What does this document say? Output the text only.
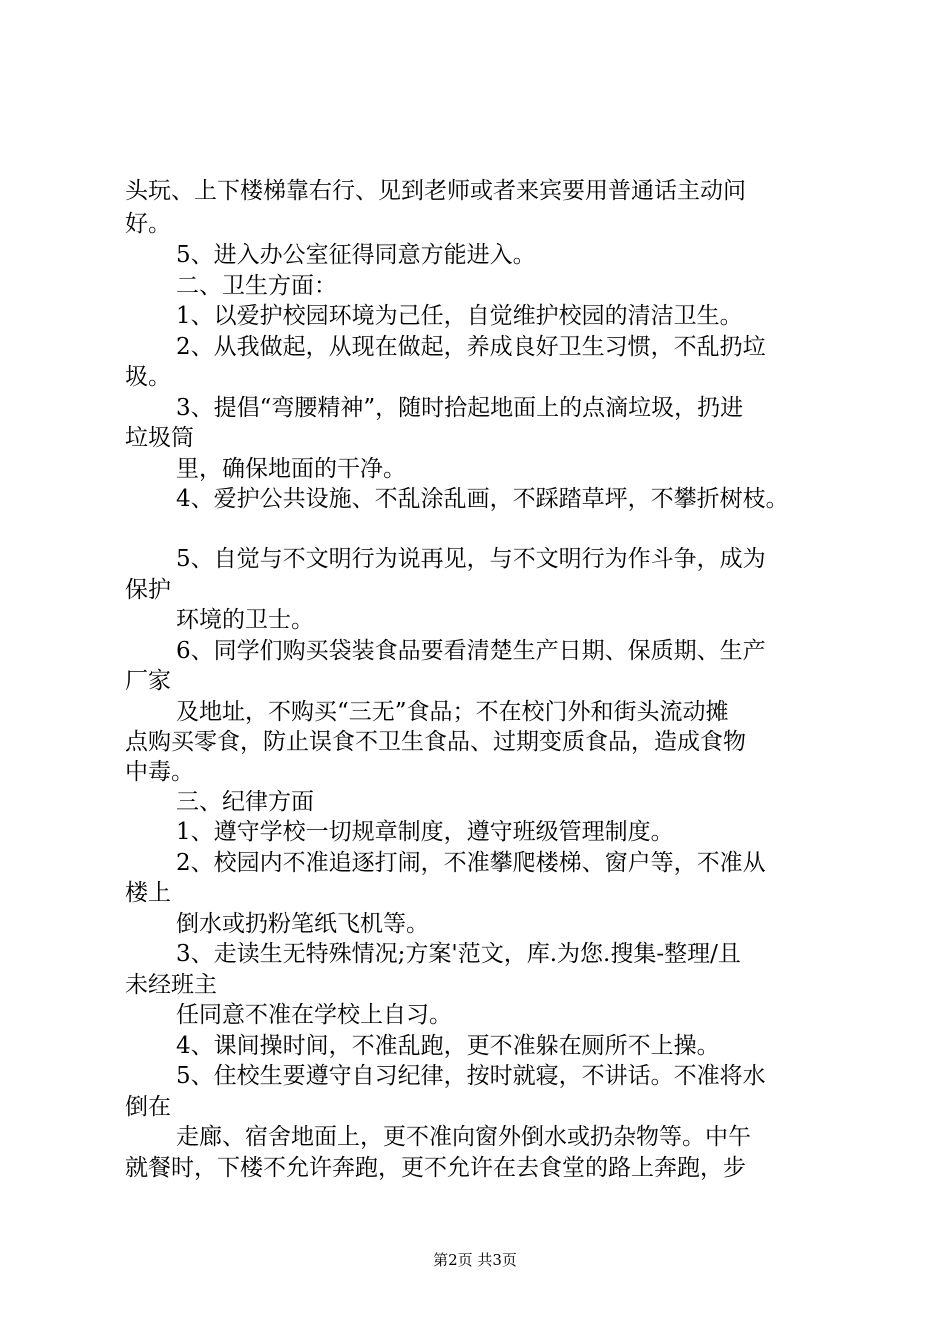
头玩、上下楼梯靠右行、见到老师或者来宾要用普通话主动问
好。
5、进入办公室征得同意方能进入。
二、卫生方面：
1、以爱护校园环境为己任，自觉维护校园的清洁卫生。
2、从我做起，从现在做起，养成良好卫生习惯，不乱扔垃
圾。
3、提倡“弯腰精神”，随时拾起地面上的点滴垃圾，扔进
垃圾筒
里，确保地面的干净。
4、爱护公共设施、不乱涂乱画，不踩踏草坪，不攀折树枝。
5、自觉与不文明行为说再见，与不文明行为作斗争，成为
保护
环境的卫士。
6、同学们购买袋装食品要看清楚生产日期、保质期、生产
厂家
及地址，不购买“三无”食品；不在校门外和街头流动摊
点购买零食，防止误食不卫生食品、过期变质食品，造成食物
中毒。
三、纪律方面
1、遵守学校一切规章制度，遵守班级管理制度。
2、校园内不准追逐打闹，不准攀爬楼梯、窗户等，不准从
楼上
倒水或扔粉笔纸飞机等。
3、走读生无特殊情况;方案'范文，库.为您.搜集-整理/且
未经班主
任同意不准在学校上自习。
4、课间操时间，不准乱跑，更不准躲在厕所不上操。
5、住校生要遵守自习纪律，按时就寝，不讲话。不准将水
倒在
走廊、宿舍地面上，更不准向窗外倒水或扔杂物等。中午
就餐时，下楼不允许奔跑，更不允许在去食堂的路上奔跑，步
第2页 共3页
